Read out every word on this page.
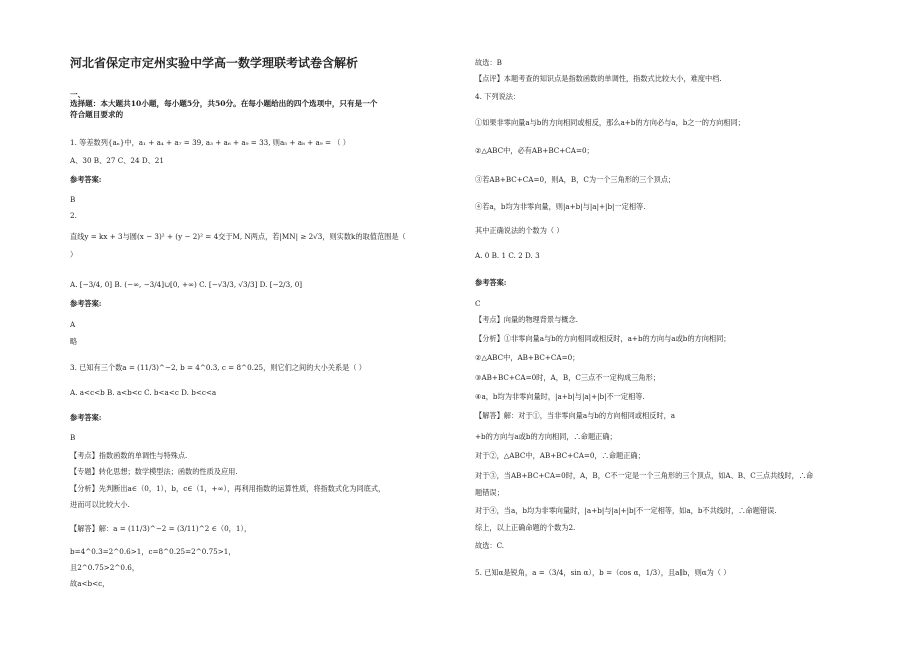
河北省保定市定州实验中学高一数学理联考试卷含解析
一、
选择题：本大题共10小题，每小题5分，共50分。在每小题给出的四个选项中，只有是一个
符合题目要求的
1. 等差数列{aₙ}中，a₁ + a₄ + a₇ = 39, a₃ + a₆ + a₉ = 33, 则a₅ + a₈ + a₉ = （ ）
A、30 B、27 C、24 D、21
参考答案:
B
2.
直线y = kx + 3与圆(x − 3)² + (y − 2)² = 4交于M, N两点，若|MN| ≥ 2√3，则实数k的取值范围是（
）
A. [−3/4, 0] B. (−∞, −3/4]∪[0, +∞) C. [−√3/3, √3/3] D. [−2/3, 0]
参考答案:
A
略
3. 已知有三个数a = (11/3)^−2, b = 4^0.3, c = 8^0.25，则它们之间的大小关系是（ ）
A. a<c<b B. a<b<c C. b<a<c D. b<c<a
参考答案:
B
【考点】指数函数的单调性与特殊点.
【专题】转化思想；数学模型法；函数的性质及应用.
【分析】先判断出a∈（0，1），b，c∈（1，+∞），再利用指数的运算性质，将指数式化为同底式，
进而可以比较大小.
【解答】解：a = (11/3)^−2 = (3/11)^2 ∈（0，1），
b=4^0.3=2^0.6>1，c=8^0.25=2^0.75>1，
且2^0.75>2^0.6，
故a<b<c，
故选：B
【点评】本题考查的知识点是指数函数的单调性，指数式比较大小，难度中档.
4. 下列说法：
①如果非零向量a与b的方向相同或相反，那么a+b的方向必与a，b之一的方向相同；
②△ABC中，必有AB+BC+CA=0；
③若AB+BC+CA=0，则A，B，C为一个三角形的三个顶点；
④若a，b均为非零向量，则|a+b|与|a|+|b|一定相等.
其中正确说法的个数为（ ）
A. 0 B. 1 C. 2 D. 3
参考答案:
C
【考点】向量的物理背景与概念.
【分析】①非零向量a与b的方向相同或相反时，a+b的方向与a或b的方向相同；
②△ABC中，AB+BC+CA=0；
③AB+BC+CA=0时，A，B，C三点不一定构成三角形；
④a，b均为非零向量时，|a+b|与|a|+|b|不一定相等.
【解答】解：对于①，当非零向量a与b的方向相同或相反时，a
+b的方向与a或b的方向相同，∴命题正确；
对于②，△ABC中，AB+BC+CA=0，∴命题正确；
对于③，当AB+BC+CA=0时，A，B，C不一定是一个三角形的三个顶点，如A、B、C三点共线时，∴命
题错误；
对于④，当a，b均为非零向量时，|a+b|与|a|+|b|不一定相等，如a，b不共线时，∴命题错误.
综上，以上正确命题的个数为2.
故选：C.
5. 已知α是锐角，a =（3/4，sin α），b =（cos α，1/3），且a∥b，则α为（ ）
